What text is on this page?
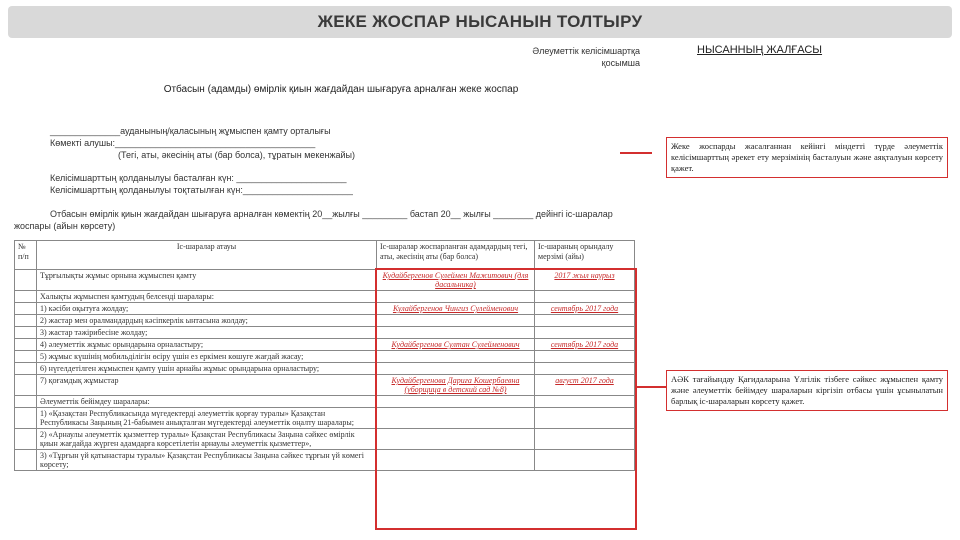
ЖЕКЕ ЖОСПАР НЫСАНЫН ТОЛТЫРУ
Әлеуметтік келісімшартқа қосымша
НЫСАННЫҢ ЖАЛҒАСЫ
Отбасын (адамды) өмірлік қиын жағдайдан шығаруға арналған жеке жоспар
______________ауданының/қаласының жұмыспен қамту орталығы
Көмекті алушы:________________________________________
(Тегі, аты, әкесінің аты (бар болса), тұратын мекенжайы)
Келісімшарттың қолданылуы басталған күн: ______________________
Келісімшарттың қолданылуы тоқтатылған күн:______________________
Отбасын өмірлік қиын жағдайдан шығаруға арналған көмектің 20__жылғы _________ бастап 20__ жылғы ________ дейінгі іс-шаралар жоспары (айын көрсету)
Жеке жоспарды жасалғаннан кейінгі міндетті түрде әлеуметтік келісімшарттың әрекет ету мерзімінің басталуын және аяқталуын көрсету қажет.
АӘК тағайындау Қағидаларына Үлгілік тізбеге сәйкес жұмыспен қамту және әлеуметтік бейімдеу шараларын кіргізіп отбасы үшін ұсынылатын барлық іс-шараларын көрсету қажет.
№ п/п	Іс-шаралар атауы	Іс-шаралар жоспарланған адамдардың тегі, аты, әкесінің аты (бар болса)	Іс-шараның орындалу мерзімі (айы)
	Тұрғылықты жұмыс орнына жұмыспен қамту	Кудайбергенов Сулеймен Мажитович (для дасальника)	2017 жыл наурыз
	Халықты жұмыспен қамтудың белсенді шаралары:		
	1) кәсіби оқытуға жолдау;	Кулайбергенов Чингиз Сулейменович	сентябрь 2017 года
	2) жастар мен оралмандардың кәсіпкерлік ынтасына жолдау;		
	3) жастар тәжірибесіне жолдау;		
	4) әлеуметтік жұмыс орындарына орналастыру;	Кудайбергенов Султан Сулейменович	сентябрь 2017 года
	5) жұмыс күшінің мобильділігін өсіру үшін ез еркімен көшуге жағдай жасау;		
	6) нүгелдетілген жұмыспен қамту үшін арнайы жұмыс орындарына орналастыру;		
	7) қоғамдық жұмыстар	Кудайбергенова Дариға Кошербаевна (уборщица в детский сад №8)	август 2017 года
	Әлеуметтік бейімдеу шаралары:		
	1) «Қазақстан Республикасында мүгедектерді әлеуметтік қорғау туралы» Қазақстан Республикасы Заңының 21-бабымен анықталған мүгедектерді әлеуметтік оңалту шаралары;		
	2) «Арнаулы әлеуметтік қызметтер туралы» Қазақстан Республикасы Заңына сәйкес өмірлік қиын жағдайда жүрген адамдарға көрсетілетін арнаулы әлеуметтік қызметтер»,		
	3) «Тұрғын үй қатынастары туралы» Қазақстан Республикасы Заңына сәйкес тұрғын үй көмегі көрсету;		
